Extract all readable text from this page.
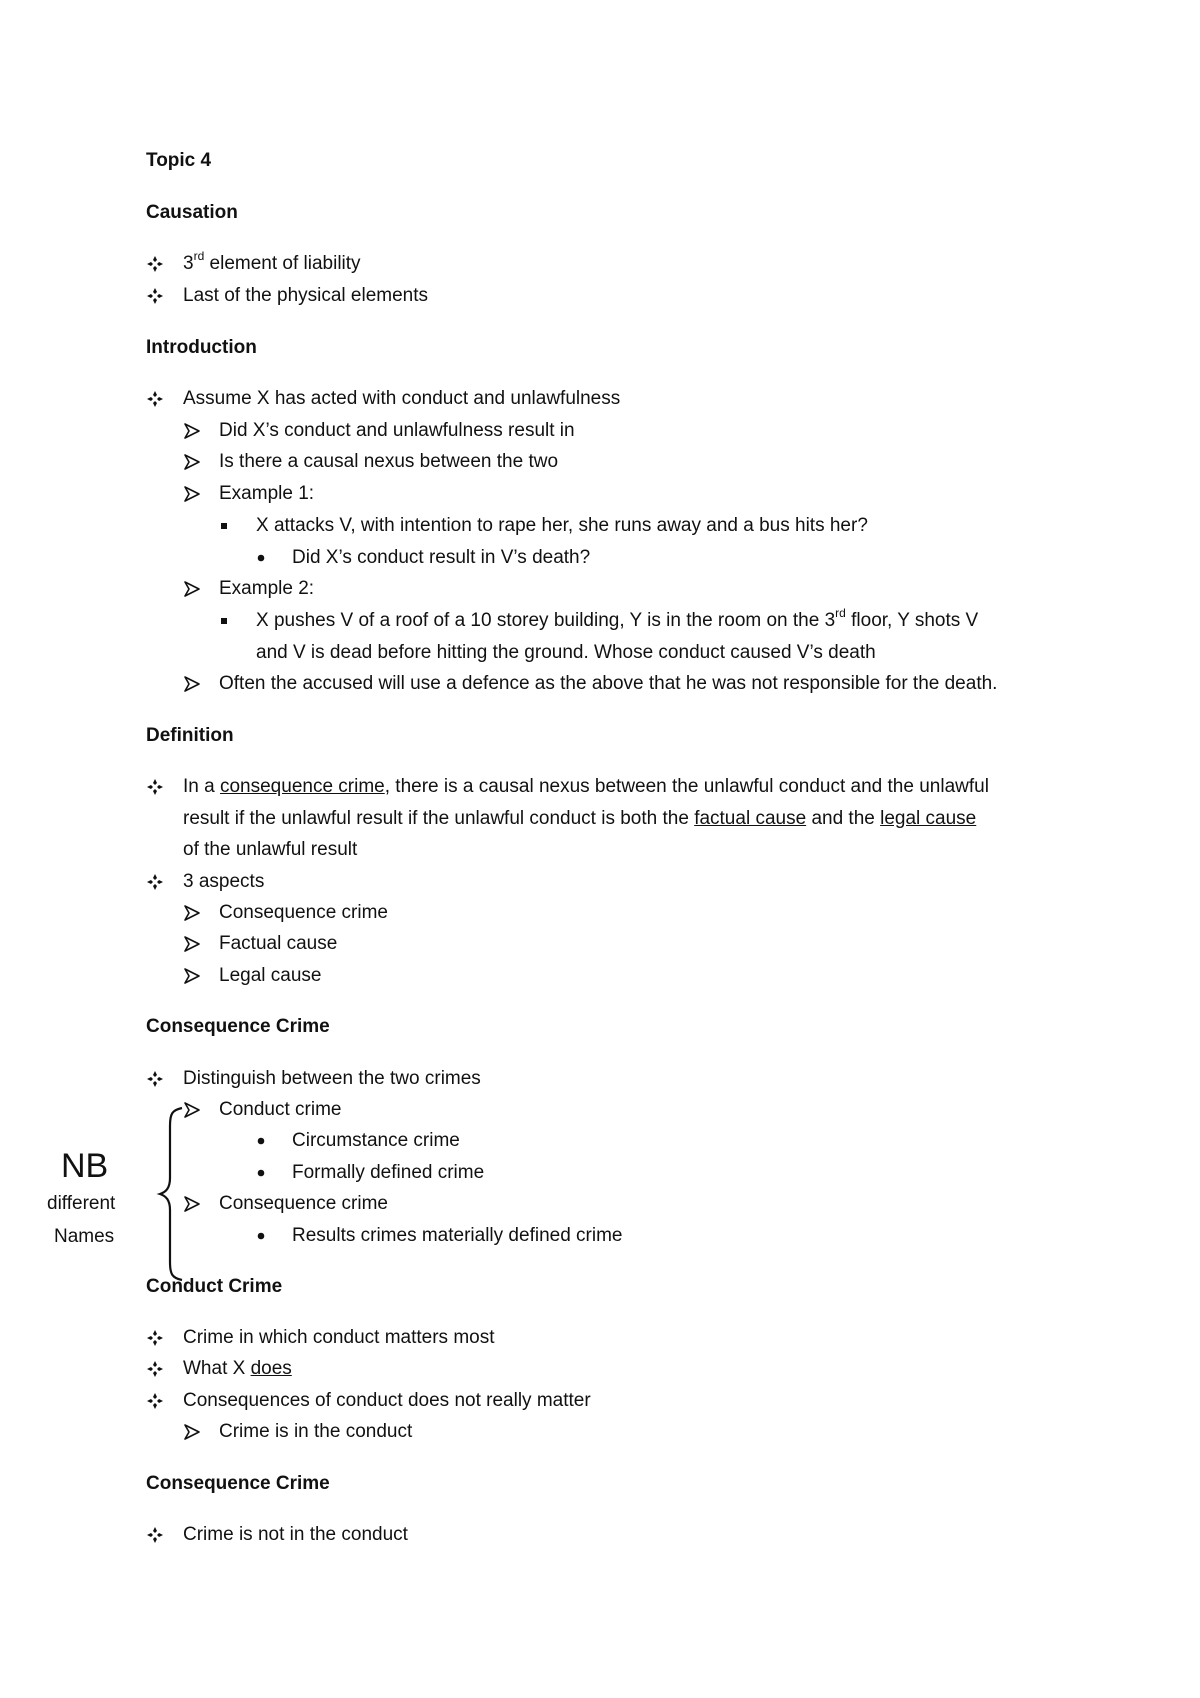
Topic 4
Causation
3rd element of liability
Last of the physical elements
Introduction
Assume X has acted with conduct and unlawfulness
Did X’s conduct and unlawfulness result in
Is there a causal nexus between the two
Example 1:
X attacks V, with intention to rape her, she runs away and a bus hits her?
Did X’s conduct result in V’s death?
Example 2:
X pushes V of a roof of a 10 storey building, Y is in the room on the 3rd floor, Y shots V
and V is dead before hitting the ground. Whose conduct caused V’s death
Often the accused will use a defence as the above that he was not responsible for the death.
Definition
In a consequence crime, there is a causal nexus between the unlawful conduct and the unlawful
result if the unlawful result if the unlawful conduct is both the factual cause and the legal cause
of the unlawful result
3 aspects
Consequence crime
Factual cause
Legal cause
Consequence Crime
Distinguish between the two crimes
Conduct crime
Circumstance crime
Formally defined crime
Consequence crime
Results crimes materially defined crime
NB
different
Names
Conduct Crime
Crime in which conduct matters most
What X does
Consequences of conduct does not really matter
Crime is in the conduct
Consequence Crime
Crime is not in the conduct
